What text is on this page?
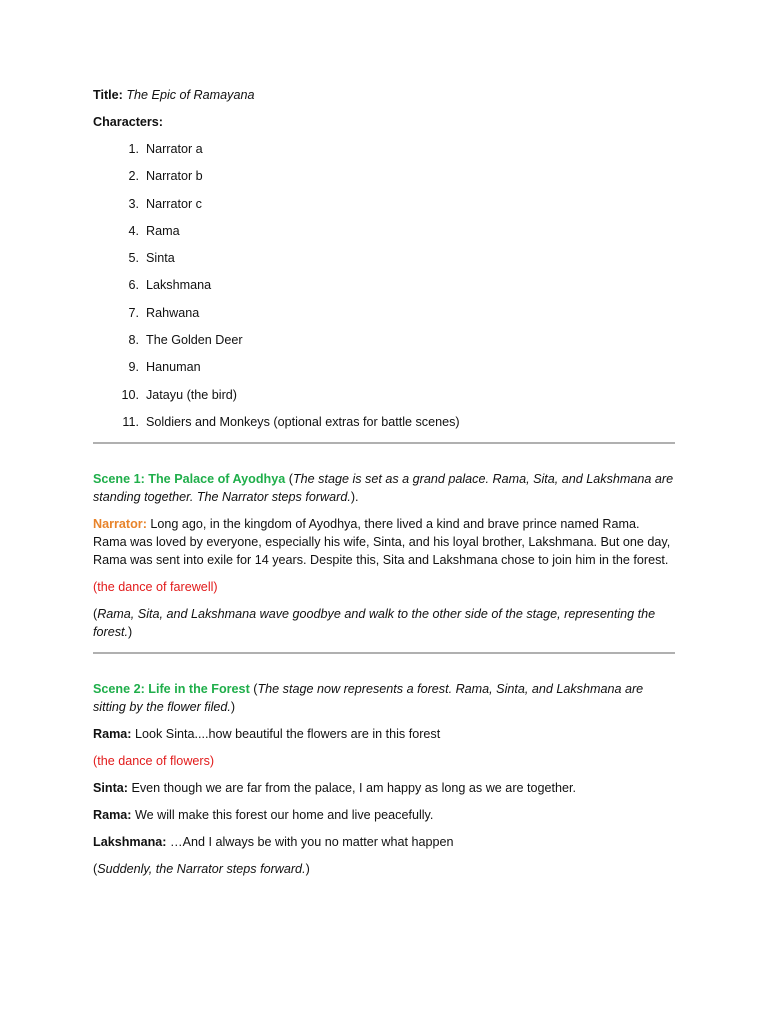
Title: The Epic of Ramayana

Characters:

1. Narrator a
2. Narrator b
3. Narrator c
4. Rama
5. Sinta
6. Lakshmana
7. Rahwana
8. The Golden Deer
9. Hanuman
10. Jatayu (the bird)
11. Soldiers and Monkeys (optional extras for battle scenes)

Scene 1: The Palace of Ayodhya (The stage is set as a grand palace. Rama, Sita, and Lakshmana are standing together. The Narrator steps forward.).

Narrator: Long ago, in the kingdom of Ayodhya, there lived a kind and brave prince named Rama. Rama was loved by everyone, especially his wife, Sinta, and his loyal brother, Lakshmana. But one day, Rama was sent into exile for 14 years. Despite this, Sita and Lakshmana chose to join him in the forest.

(the dance of farewell)

(Rama, Sita, and Lakshmana wave goodbye and walk to the other side of the stage, representing the forest.)

Scene 2: Life in the Forest (The stage now represents a forest. Rama, Sinta, and Lakshmana are sitting by the flower filed.)

Rama: Look Sinta....how beautiful the flowers are in this forest

(the dance of flowers)

Sinta: Even though we are far from the palace, I am happy as long as we are together.

Rama: We will make this forest our home and live peacefully.

Lakshmana: …And I always be with you no matter what happen

(Suddenly, the Narrator steps forward.)
